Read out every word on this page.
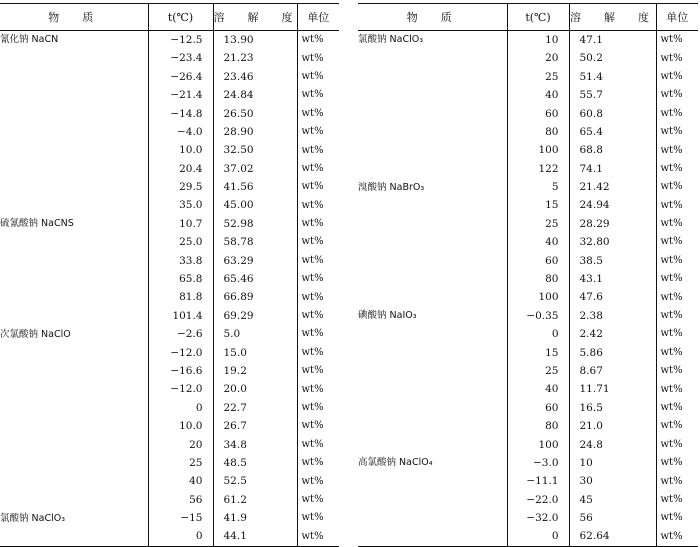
物　质	t(℃)	溶　解　度	单位
氰化钠 NaCN	−12.5	13.90	wt%
	−23.4	21.23	wt%
	−26.4	23.46	wt%
	−21.4	24.84	wt%
	−14.8	26.50	wt%
	−4.0	28.90	wt%
	10.0	32.50	wt%
	20.4	37.02	wt%
	29.5	41.56	wt%
	35.0	45.00	wt%
硫氰酸钠 NaCNS	10.7	52.98	wt%
	25.0	58.78	wt%
	33.8	63.29	wt%
	65.8	65.46	wt%
	81.8	66.89	wt%
	101.4	69.29	wt%
次氯酸钠 NaClO	−2.6	5.0	wt%
	−12.0	15.0	wt%
	−16.6	19.2	wt%
	−12.0	20.0	wt%
	0	22.7	wt%
	10.0	26.7	wt%
	20	34.8	wt%
	25	48.5	wt%
	40	52.5	wt%
	56	61.2	wt%
氯酸钠 NaClO₃	−15	41.9	wt%
	0	44.1	wt%
物　质	t(℃)	溶　解　度	单位
氯酸钠 NaClO₃	10	47.1	wt%
	20	50.2	wt%
	25	51.4	wt%
	40	55.7	wt%
	60	60.8	wt%
	80	65.4	wt%
	100	68.8	wt%
	122	74.1	wt%
溴酸钠 NaBrO₃	5	21.42	wt%
	15	24.94	wt%
	25	28.29	wt%
	40	32.80	wt%
	60	38.5	wt%
	80	43.1	wt%
	100	47.6	wt%
碘酸钠 NaIO₃	−0.35	2.38	wt%
	0	2.42	wt%
	15	5.86	wt%
	25	8.67	wt%
	40	11.71	wt%
	60	16.5	wt%
	80	21.0	wt%
	100	24.8	wt%
高氯酸钠 NaClO₄	−3.0	10	wt%
	−11.1	30	wt%
	−22.0	45	wt%
	−32.0	56	wt%
	0	62.64	wt%
